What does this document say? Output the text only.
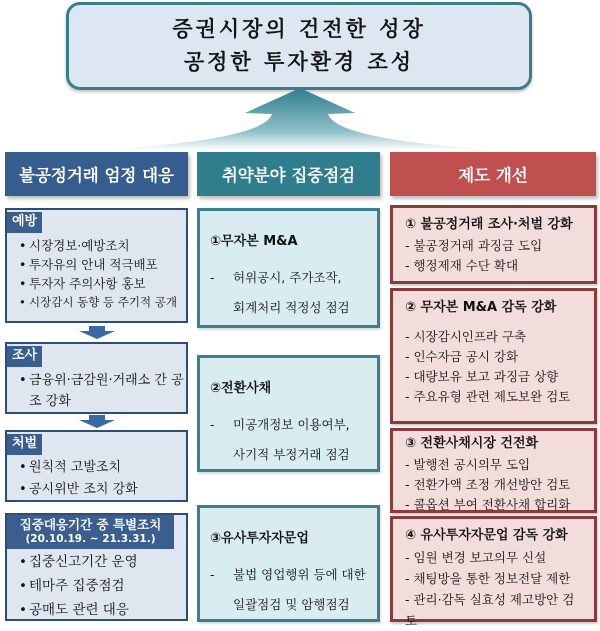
증권시장의 건전한 성장
공정한 투자환경 조성
불공정거래 엄정 대응	취약분야 집중점검	제도 개선
예방
• 시장경보·예방조치
• 투자유의 안내 적극배포
• 투자자 주의사항 홍보
• 시장감시 동향 등 주기적 공개
조사
• 금융위·금감원·거래소 간 공조 강화
처벌
• 원칙적 고발조치
• 공시위반 조치 강화
집중대응기간 중 특별조치
(20.10.19. ~ 21.3.31.)
• 집중신고기간 운영
• 테마주 집중점검
• 공매도 관련 대응
①무자본 M&A
- 허위공시, 주가조작,
회계처리 적정성 점검
②전환사채
- 미공개정보 이용여부,
사기적 부정거래 점검
③유사투자자문업
- 불법 영업행위 등에 대한
일괄점검 및 암행점검
① 불공정거래 조사·처벌 강화
- 불공정거래 과징금 도입
- 행정제재 수단 확대
② 무자본 M&A 감독 강화
- 시장감시인프라 구축
- 인수자금 공시 강화
- 대량보유 보고 과징금 상향
- 주요유형 관련 제도보완 검토
③ 전환사채시장 건전화
- 발행전 공시의무 도입
- 전환가액 조정 개선방안 검토
- 콜옵션 부여 전환사채 합리화
④ 유사투자자문업 감독 강화
- 임원 변경 보고의무 신설
- 채팅방을 통한 정보전달 제한
- 관리·감독 실효성 제고방안 검토
